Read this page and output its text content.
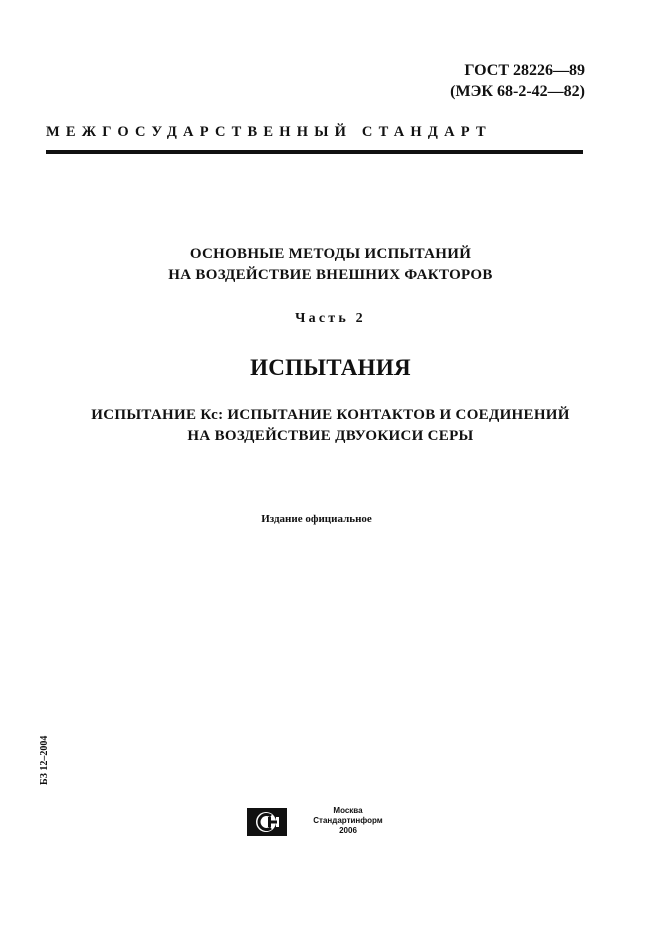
ГОСТ 28226—89
(МЭК 68-2-42—82)
МЕЖГОСУДАРСТВЕННЫЙ СТАНДАРТ
ОСНОВНЫЕ МЕТОДЫ ИСПЫТАНИЙ
НА ВОЗДЕЙСТВИЕ ВНЕШНИХ ФАКТОРОВ
Часть 2
ИСПЫТАНИЯ
ИСПЫТАНИЕ Кс: ИСПЫТАНИЕ КОНТАКТОВ И СОЕДИНЕНИЙ
НА ВОЗДЕЙСТВИЕ ДВУОКИСИ СЕРЫ
Издание официальное
БЗ 12–2004
Москва
Стандартинформ
2006
